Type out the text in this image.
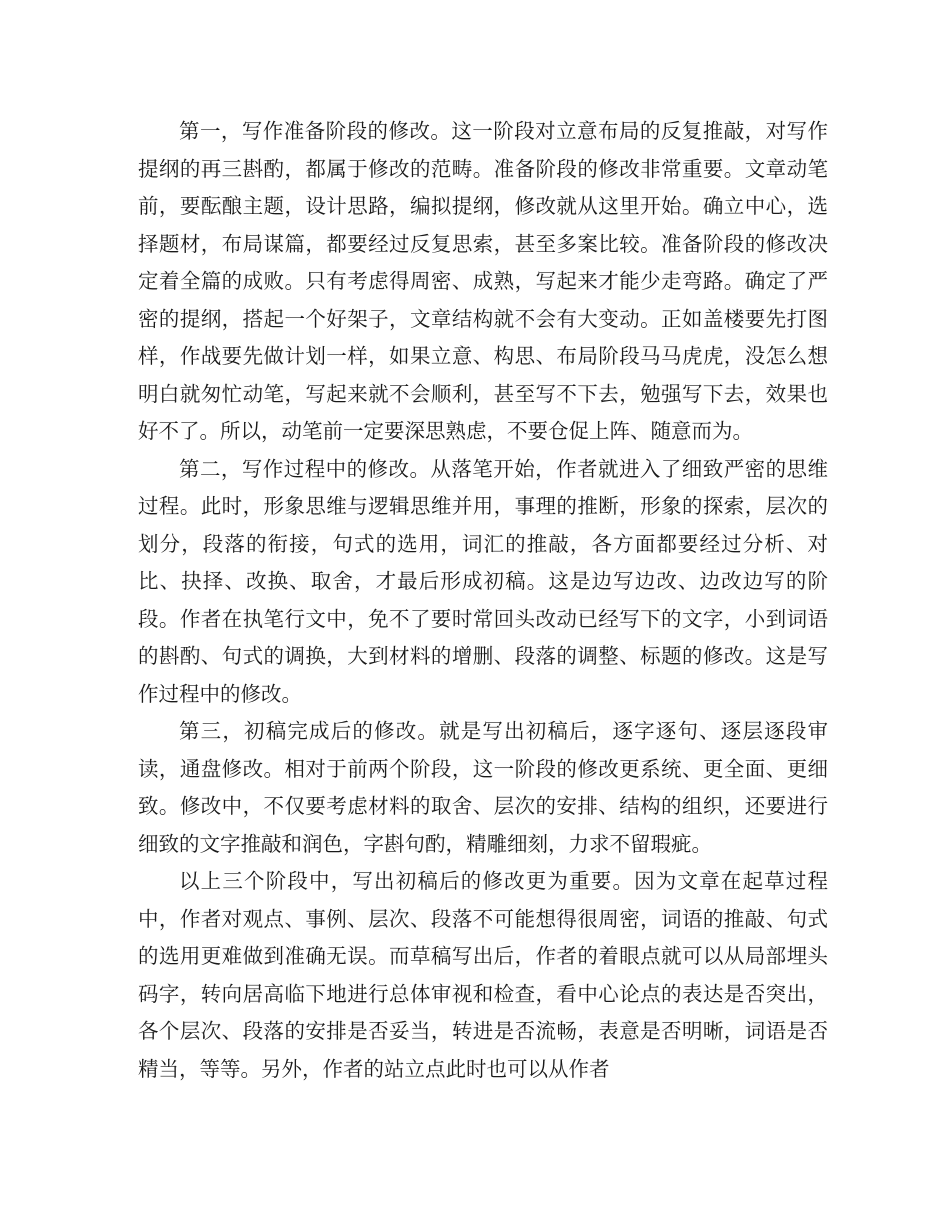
第一，写作准备阶段的修改。这一阶段对立意布局的反复推敲，对写作提纲的再三斟酌，都属于修改的范畴。准备阶段的修改非常重要。文章动笔前，要酝酿主题，设计思路，编拟提纲，修改就从这里开始。确立中心，选择题材，布局谋篇，都要经过反复思索，甚至多案比较。准备阶段的修改决定着全篇的成败。只有考虑得周密、成熟，写起来才能少走弯路。确定了严密的提纲，搭起一个好架子，文章结构就不会有大变动。正如盖楼要先打图样，作战要先做计划一样，如果立意、构思、布局阶段马马虎虎，没怎么想明白就匆忙动笔，写起来就不会顺利，甚至写不下去，勉强写下去，效果也好不了。所以，动笔前一定要深思熟虑，不要仓促上阵、随意而为。

第二，写作过程中的修改。从落笔开始，作者就进入了细致严密的思维过程。此时，形象思维与逻辑思维并用，事理的推断，形象的探索，层次的划分，段落的衔接，句式的选用，词汇的推敲，各方面都要经过分析、对比、抉择、改换、取舍，才最后形成初稿。这是边写边改、边改边写的阶段。作者在执笔行文中，免不了要时常回头改动已经写下的文字，小到词语的斟酌、句式的调换，大到材料的增删、段落的调整、标题的修改。这是写作过程中的修改。

第三，初稿完成后的修改。就是写出初稿后，逐字逐句、逐层逐段审读，通盘修改。相对于前两个阶段，这一阶段的修改更系统、更全面、更细致。修改中，不仅要考虑材料的取舍、层次的安排、结构的组织，还要进行细致的文字推敲和润色，字斟句酌，精雕细刻，力求不留瑕疵。

以上三个阶段中，写出初稿后的修改更为重要。因为文章在起草过程中，作者对观点、事例、层次、段落不可能想得很周密，词语的推敲、句式的选用更难做到准确无误。而草稿写出后，作者的着眼点就可以从局部埋头码字，转向居高临下地进行总体审视和检查，看中心论点的表达是否突出，各个层次、段落的安排是否妥当，转进是否流畅，表意是否明晰，词语是否精当，等等。另外，作者的站立点此时也可以从作者
